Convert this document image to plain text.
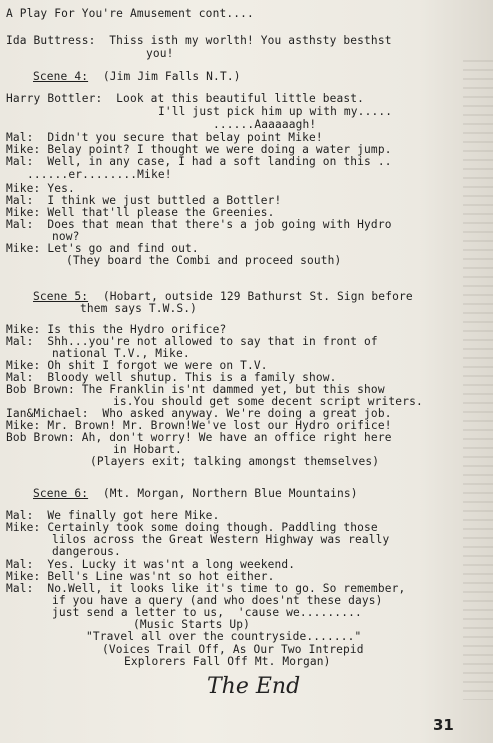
A Play For You're Amusement cont....
Ida Buttress:  Thiss isth my worlth! You asthsty besthst
you!
Scene 4: (Jim Jim Falls N.T.)
Harry Bottler:  Look at this beautiful little beast.
I'll just pick him up with my.....
......Aaaaaagh!
Mal:  Didn't you secure that belay point Mike!
Mike: Belay point? I thought we were doing a water jump.
Mal:  Well, in any case, I had a soft landing on this ..
......er........Mike!
Mike: Yes.
Mal:  I think we just buttled a Bottler!
Mike: Well that'll please the Greenies.
Mal:  Does that mean that there's a job going with Hydro
now?
Mike: Let's go and find out.
(They board the Combi and proceed south)
Scene 5: (Hobart, outside 129 Bathurst St. Sign before
them says T.W.S.)
Mike: Is this the Hydro orifice?
Mal:  Shh...you're not allowed to say that in front of
national T.V., Mike.
Mike: Oh shit I forgot we were on T.V.
Mal:  Bloody well shutup. This is a family show.
Bob Brown: The Franklin is'nt dammed yet, but this show
is.You should get some decent script writers.
Ian&Michael:  Who asked anyway. We're doing a great job.
Mike: Mr. Brown! Mr. Brown!We've lost our Hydro orifice!
Bob Brown: Ah, don't worry! We have an office right here
in Hobart.
(Players exit; talking amongst themselves)
Scene 6: (Mt. Morgan, Northern Blue Mountains)
Mal:  We finally got here Mike.
Mike: Certainly took some doing though. Paddling those
lilos across the Great Western Highway was really
dangerous.
Mal:  Yes. Lucky it was'nt a long weekend.
Mike: Bell's Line was'nt so hot either.
Mal:  No.Well, it looks like it's time to go. So remember,
if you have a query (and who does'nt these days)
just send a letter to us,  'cause we.........
(Music Starts Up)
"Travel all over the countryside......."
(Voices Trail Off, As Our Two Intrepid
Explorers Fall Off Mt. Morgan)
The End
31
